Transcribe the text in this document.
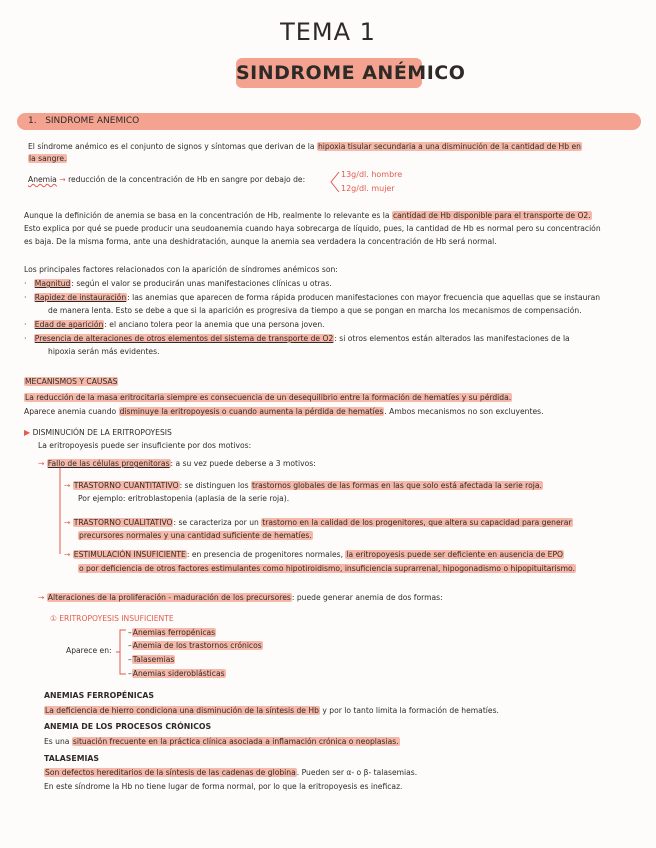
TEMA 1
SINDROME ANÉMICO
1. SINDROME ANEMICO
El síndrome anémico es el conjunto de signos y síntomas que derivan de la hipoxia tisular secundaria a una disminución de la cantidad de Hb en
la sangre.
Anemia → reducción de la concentración de Hb en sangre por debajo de:
13g/dl. hombre
12g/dl. mujer
Aunque la definición de anemia se basa en la concentración de Hb, realmente lo relevante es la cantidad de Hb disponible para el transporte de O2.
Esto explica por qué se puede producir una seudoanemia cuando haya sobrecarga de líquido, pues, la cantidad de Hb es normal pero su concentración
es baja. De la misma forma, ante una deshidratación, aunque la anemia sea verdadera la concentración de Hb será normal.
Los principales factores relacionados con la aparición de síndromes anémicos son:
· Magnitud: según el valor se producirán unas manifestaciones clínicas u otras.
· Rapidez de instauración: las anemias que aparecen de forma rápida producen manifestaciones con mayor frecuencia que aquellas que se instauran
de manera lenta. Esto se debe a que si la aparición es progresiva da tiempo a que se pongan en marcha los mecanismos de compensación.
· Edad de aparición: el anciano tolera peor la anemia que una persona joven.
· Presencia de alteraciones de otros elementos del sistema de transporte de O2: si otros elementos están alterados las manifestaciones de la
hipoxia serán más evidentes.
MECANISMOS Y CAUSAS
La reducción de la masa eritrocitaria siempre es consecuencia de un desequilibrio entre la formación de hematíes y su pérdida.
Aparece anemia cuando disminuye la eritropoyesis o cuando aumenta la pérdida de hematíes. Ambos mecanismos no son excluyentes.
▶ DISMINUCIÓN DE LA ERITROPOYESIS
La eritropoyesis puede ser insuficiente por dos motivos:
→ Fallo de las células progenitoras: a su vez puede deberse a 3 motivos:
→ TRASTORNO CUANTITATIVO: se distinguen los trastornos globales de las formas en las que solo está afectada la serie roja.
Por ejemplo: eritroblastopenia (aplasia de la serie roja).
→ TRASTORNO CUALITATIVO: se caracteriza por un trastorno en la calidad de los progenitores, que altera su capacidad para generar
precursores normales y una cantidad suficiente de hematíes.
→ ESTIMULACIÓN INSUFICIENTE: en presencia de progenitores normales, la eritropoyesis puede ser deficiente en ausencia de EPO
o por deficiencia de otros factores estimulantes como hipotiroidismo, insuficiencia suprarrenal, hipogonadismo o hipopituitarismo.
→ Alteraciones de la proliferación - maduración de los precursores: puede generar anemia de dos formas:
① ERITROPOYESIS INSUFICIENTE
Aparece en:
–Anemias ferropénicas
–Anemia de los trastornos crónicos
–Talasemias
–Anemias sideroblásticas
ANEMIAS FERROPÉNICAS
La deficiencia de hierro condiciona una disminución de la síntesis de Hb y por lo tanto limita la formación de hematíes.
ANEMIA DE LOS PROCESOS CRÓNICOS
Es una situación frecuente en la práctica clínica asociada a inflamación crónica o neoplasias.
TALASEMIAS
Son defectos hereditarios de la síntesis de las cadenas de globina. Pueden ser α- o β- talasemias.
En este síndrome la Hb no tiene lugar de forma normal, por lo que la eritropoyesis es ineficaz.
